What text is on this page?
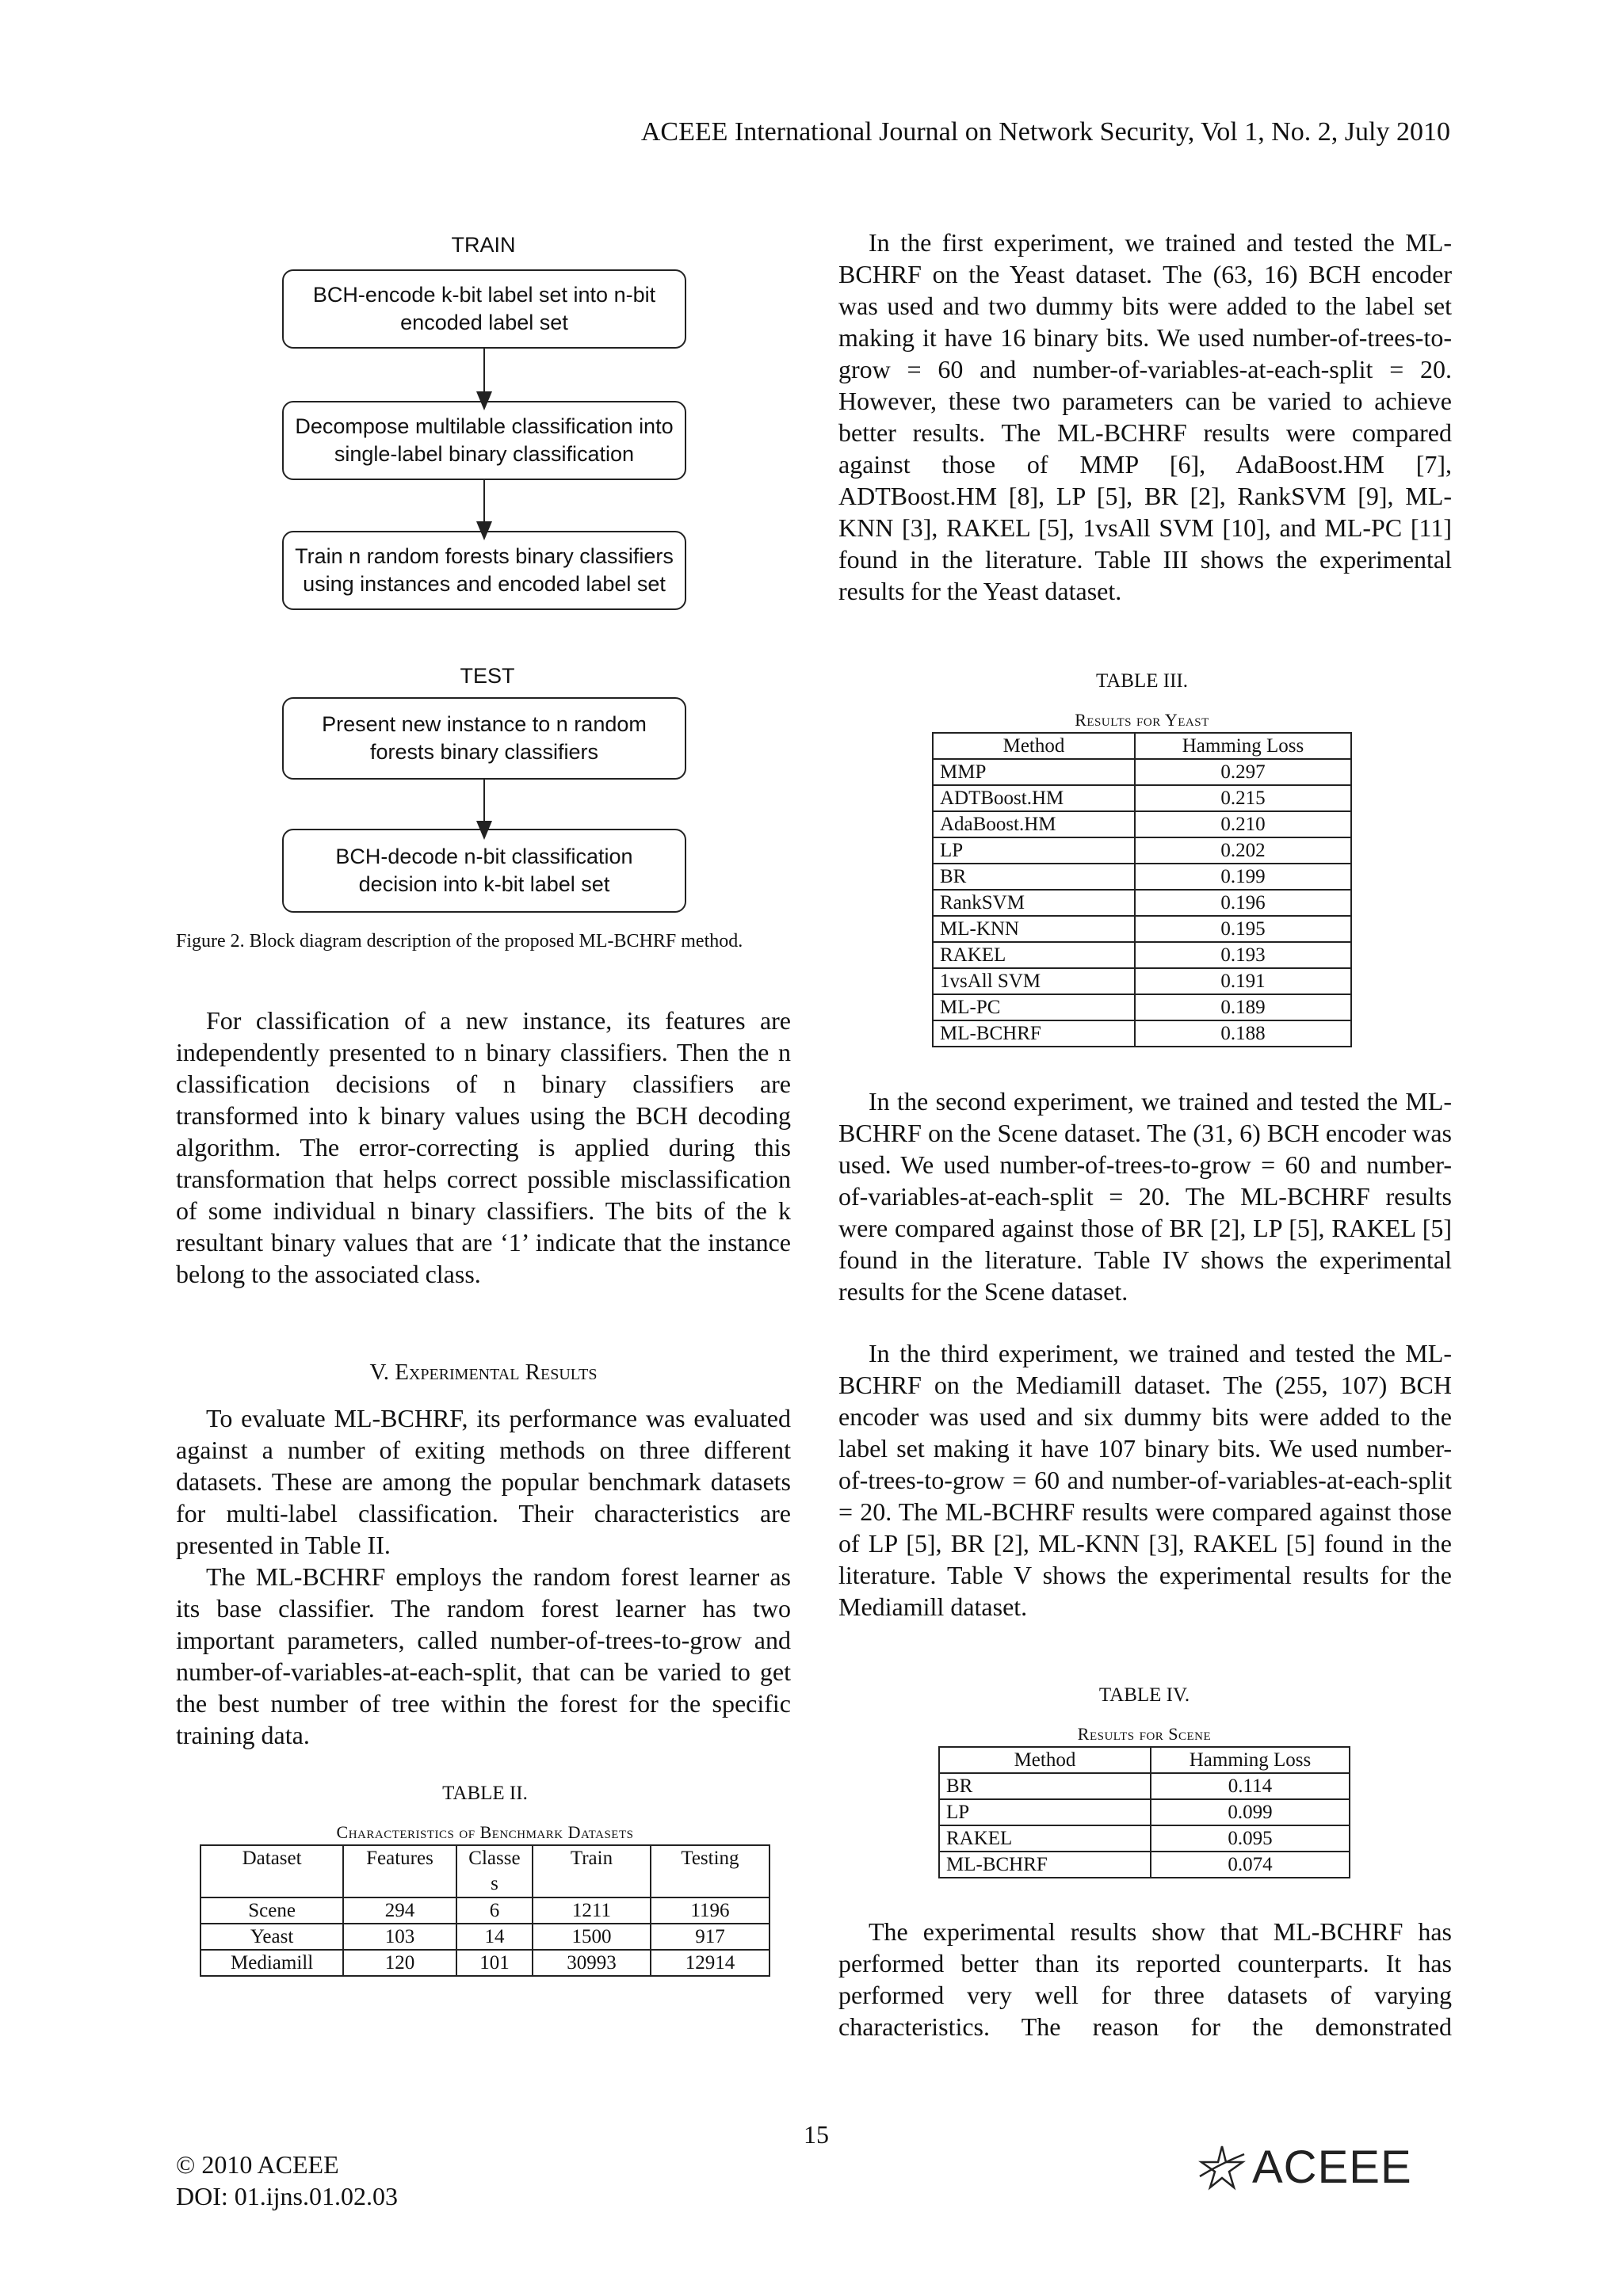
ACEEE International Journal on Network Security, Vol 1, No. 2, July 2010
TRAIN
BCH-encode k-bit label set into n-bit
encoded label set
Decompose multilable classification into
single-label binary classification
Train n random forests binary classifiers
using instances and encoded label set
TEST
Present new instance to n random
forests binary classifiers
BCH-decode n-bit classification
decision into k-bit label set
Figure 2. Block diagram description of the proposed ML-BCHRF method.
For classification of a new instance, its features are independently presented to n binary classifiers. Then the n classification decisions of n binary classifiers are transformed into k binary values using the BCH decoding algorithm. The error-correcting is applied during this transformation that helps correct possible misclassification of some individual n binary classifiers. The bits of the k resultant binary values that are ‘1’ indicate that the instance belong to the associated class.
V. Experimental Results
To evaluate ML-BCHRF, its performance was evaluated against a number of exiting methods on three different datasets. These are among the popular benchmark datasets for multi-label classification. Their characteristics are presented in Table II.
The ML-BCHRF employs the random forest learner as its base classifier. The random forest learner has two important parameters, called number-of-trees-to-grow and number-of-variables-at-each-split, that can be varied to get the best number of tree within the forest for the specific training data.
TABLE II.
Characteristics of Benchmark Datasets
Dataset	Features	Classe s	Train	Testing
Scene	294	6	1211	1196
Yeast	103	14	1500	917
Mediamill	120	101	30993	12914
In the first experiment, we trained and tested the ML-BCHRF on the Yeast dataset. The (63, 16) BCH encoder was used and two dummy bits were added to the label set making it have 16 binary bits. We used number-of-trees-to-grow = 60 and number-of-variables-at-each-split = 20. However, these two parameters can be varied to achieve better results. The ML-BCHRF results were compared against those of MMP [6], AdaBoost.HM [7], ADTBoost.HM [8], LP [5], BR [2], RankSVM [9], ML-KNN [3], RAKEL [5], 1vsAll SVM [10], and ML-PC [11] found in the literature. Table III shows the experimental results for the Yeast dataset.
TABLE III.
Results for Yeast
Method	Hamming Loss
MMP	0.297
ADTBoost.HM	0.215
AdaBoost.HM	0.210
LP	0.202
BR	0.199
RankSVM	0.196
ML-KNN	0.195
RAKEL	0.193
1vsAll SVM	0.191
ML-PC	0.189
ML-BCHRF	0.188
In the second experiment, we trained and tested the ML-BCHRF on the Scene dataset. The (31, 6) BCH encoder was used. We used number-of-trees-to-grow = 60 and number-of-variables-at-each-split = 20. The ML-BCHRF results were compared against those of BR [2], LP [5], RAKEL [5] found in the literature. Table IV shows the experimental results for the Scene dataset.
In the third experiment, we trained and tested the ML-BCHRF on the Mediamill dataset. The (255, 107) BCH encoder was used and six dummy bits were added to the label set making it have 107 binary bits. We used number-of-trees-to-grow = 60 and number-of-variables-at-each-split = 20. The ML-BCHRF results were compared against those of LP [5], BR [2], ML-KNN [3], RAKEL [5] found in the literature. Table V shows the experimental results for the Mediamill dataset.
TABLE IV.
Results for Scene
Method	Hamming Loss
BR	0.114
LP	0.099
RAKEL	0.095
ML-BCHRF	0.074
The experimental results show that ML-BCHRF has performed better than its reported counterparts. It has performed very well for three datasets of varying characteristics. The reason for the demonstrated
15
© 2010 ACEEE
DOI: 01.ijns.01.02.03
ACEEE
